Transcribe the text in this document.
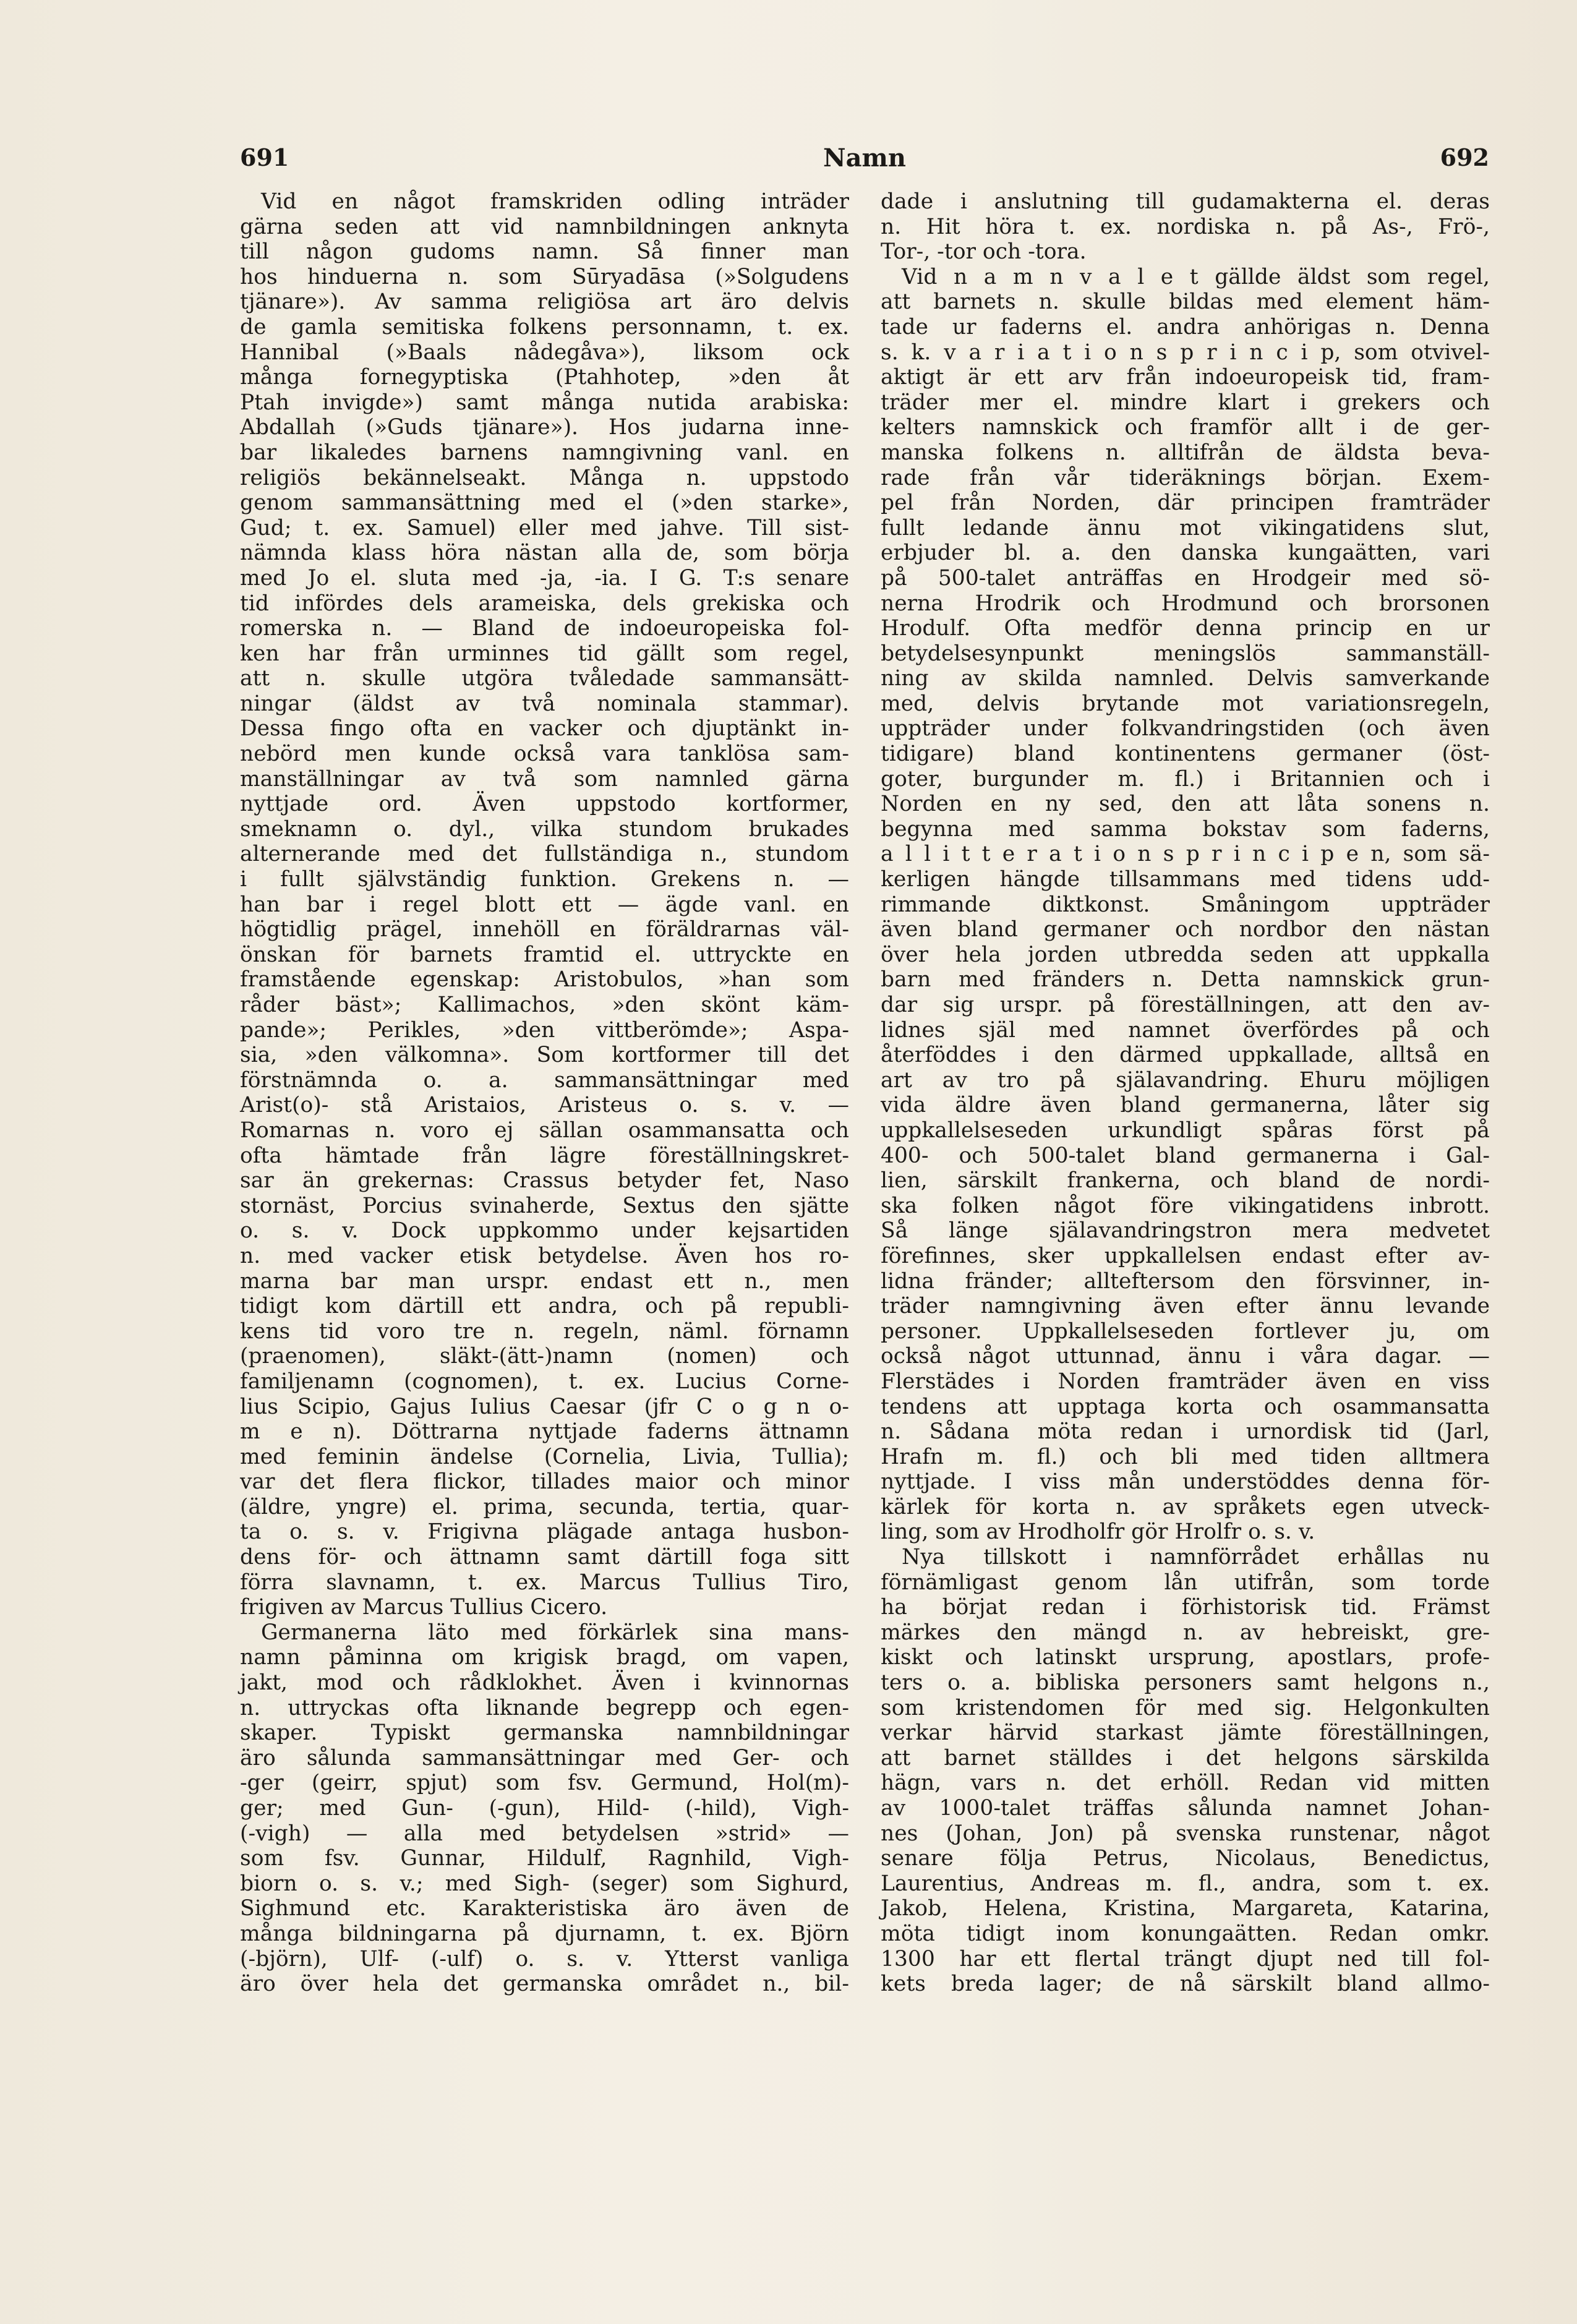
691	Namn	692
Vid en något framskriden odling inträder
gärna seden att vid namnbildningen anknyta
till någon gudoms namn. Så finner man
hos hinduerna n. som Sūryadāsa (»Solgudens
tjänare»). Av samma religiösa art äro delvis
de gamla semitiska folkens personnamn, t. ex.
Hannibal (»Baals nådegåva»), liksom ock
många fornegyptiska (Ptahhotep, »den åt
Ptah invigde») samt många nutida arabiska:
Abdallah (»Guds tjänare»). Hos judarna inne-
bar likaledes barnens namngivning vanl. en
religiös bekännelseakt. Många n. uppstodo
genom sammansättning med el (»den starke»,
Gud; t. ex. Samuel) eller med jahve. Till sist-
nämnda klass höra nästan alla de, som börja
med Jo el. sluta med -ja, -ia. I G. T:s senare
tid infördes dels arameiska, dels grekiska och
romerska n. — Bland de indoeuropeiska fol-
ken har från urminnes tid gällt som regel,
att n. skulle utgöra tvåledade sammansätt-
ningar (äldst av två nominala stammar).
Dessa fingo ofta en vacker och djuptänkt in-
nebörd men kunde också vara tanklösa sam-
manställningar av två som namnled gärna
nyttjade ord. Även uppstodo kortformer,
smeknamn o. dyl., vilka stundom brukades
alternerande med det fullständiga n., stundom
i fullt självständig funktion. Grekens n. —
han bar i regel blott ett — ägde vanl. en
högtidlig prägel, innehöll en föräldrarnas väl-
önskan för barnets framtid el. uttryckte en
framstående egenskap: Aristobulos, »han som
råder bäst»; Kallimachos, »den skönt käm-
pande»; Perikles, »den vittberömde»; Aspa-
sia, »den välkomna». Som kortformer till det
förstnämnda o. a. sammansättningar med
Arist(o)- stå Aristaios, Aristeus o. s. v. —
Romarnas n. voro ej sällan osammansatta och
ofta hämtade från lägre föreställningskret-
sar än grekernas: Crassus betyder fet, Naso
stornäst, Porcius svinaherde, Sextus den sjätte
o. s. v. Dock uppkommo under kejsartiden
n. med vacker etisk betydelse. Även hos ro-
marna bar man urspr. endast ett n., men
tidigt kom därtill ett andra, och på republi-
kens tid voro tre n. regeln, näml. förnamn
(praenomen), släkt-(ätt-)namn (nomen) och
familjenamn (cognomen), t. ex. Lucius Corne-
lius Scipio, Gajus Iulius Caesar (jfr C o g n o-
m e n). Döttrarna nyttjade faderns ättnamn
med feminin ändelse (Cornelia, Livia, Tullia);
var det flera flickor, tillades maior och minor
(äldre, yngre) el. prima, secunda, tertia, quar-
ta o. s. v. Frigivna plägade antaga husbon-
dens för- och ättnamn samt därtill foga sitt
förra slavnamn, t. ex. Marcus Tullius Tiro,
frigiven av Marcus Tullius Cicero.
Germanerna läto med förkärlek sina mans-
namn påminna om krigisk bragd, om vapen,
jakt, mod och rådklokhet. Även i kvinnornas
n. uttryckas ofta liknande begrepp och egen-
skaper. Typiskt germanska namnbildningar
äro sålunda sammansättningar med Ger- och
-ger (geirr, spjut) som fsv. Germund, Hol(m)-
ger; med Gun- (-gun), Hild- (-hild), Vigh-
(-vigh) — alla med betydelsen »strid» —
som fsv. Gunnar, Hildulf, Ragnhild, Vigh-
biorn o. s. v.; med Sigh- (seger) som Sighurd,
Sighmund etc. Karakteristiska äro även de
många bildningarna på djurnamn, t. ex. Björn
(-björn), Ulf- (-ulf) o. s. v. Ytterst vanliga
äro över hela det germanska området n., bil-
dade i anslutning till gudamakterna el. deras
n. Hit höra t. ex. nordiska n. på As-, Frö-,
Tor-, -tor och -tora.
Vid n a m n v a l e t gällde äldst som regel,
att barnets n. skulle bildas med element häm-
tade ur faderns el. andra anhörigas n. Denna
s. k. v a r i a t i o n s p r i n c i p, som otvivel-
aktigt är ett arv från indoeuropeisk tid, fram-
träder mer el. mindre klart i grekers och
kelters namnskick och framför allt i de ger-
manska folkens n. alltifrån de äldsta beva-
rade från vår tideräknings början. Exem-
pel från Norden, där principen framträder
fullt ledande ännu mot vikingatidens slut,
erbjuder bl. a. den danska kungaätten, vari
på 500-talet anträffas en Hrodgeir med sö-
nerna Hrodrik och Hrodmund och brorsonen
Hrodulf. Ofta medför denna princip en ur
betydelsesynpunkt meningslös sammanställ-
ning av skilda namnled. Delvis samverkande
med, delvis brytande mot variationsregeln,
uppträder under folkvandringstiden (och även
tidigare) bland kontinentens germaner (öst-
goter, burgunder m. fl.) i Britannien och i
Norden en ny sed, den att låta sonens n.
begynna med samma bokstav som faderns,
a l l i t t e r a t i o n s p r i n c i p e n, som sä-
kerligen hängde tillsammans med tidens udd-
rimmande diktkonst. Småningom uppträder
även bland germaner och nordbor den nästan
över hela jorden utbredda seden att uppkalla
barn med fränders n. Detta namnskick grun-
dar sig urspr. på föreställningen, att den av-
lidnes själ med namnet överfördes på och
återföddes i den därmed uppkallade, alltså en
art av tro på själavandring. Ehuru möjligen
vida äldre även bland germanerna, låter sig
uppkallelseseden urkundligt spåras först på
400- och 500-talet bland germanerna i Gal-
lien, särskilt frankerna, och bland de nordi-
ska folken något före vikingatidens inbrott.
Så länge själavandringstron mera medvetet
förefinnes, sker uppkallelsen endast efter av-
lidna fränder; allteftersom den försvinner, in-
träder namngivning även efter ännu levande
personer. Uppkallelseseden fortlever ju, om
också något uttunnad, ännu i våra dagar. —
Flerstädes i Norden framträder även en viss
tendens att upptaga korta och osammansatta
n. Sådana möta redan i urnordisk tid (Jarl,
Hrafn m. fl.) och bli med tiden alltmera
nyttjade. I viss mån understöddes denna för-
kärlek för korta n. av språkets egen utveck-
ling, som av Hrodholfr gör Hrolfr o. s. v.
Nya tillskott i namnförrådet erhållas nu
förnämligast genom lån utifrån, som torde
ha börjat redan i förhistorisk tid. Främst
märkes den mängd n. av hebreiskt, gre-
kiskt och latinskt ursprung, apostlars, profe-
ters o. a. bibliska personers samt helgons n.,
som kristendomen för med sig. Helgonkulten
verkar härvid starkast jämte föreställningen,
att barnet ställdes i det helgons särskilda
hägn, vars n. det erhöll. Redan vid mitten
av 1000-talet träffas sålunda namnet Johan-
nes (Johan, Jon) på svenska runstenar, något
senare följa Petrus, Nicolaus, Benedictus,
Laurentius, Andreas m. fl., andra, som t. ex.
Jakob, Helena, Kristina, Margareta, Katarina,
möta tidigt inom konungaätten. Redan omkr.
1300 har ett flertal trängt djupt ned till fol-
kets breda lager; de nå särskilt bland allmo-
